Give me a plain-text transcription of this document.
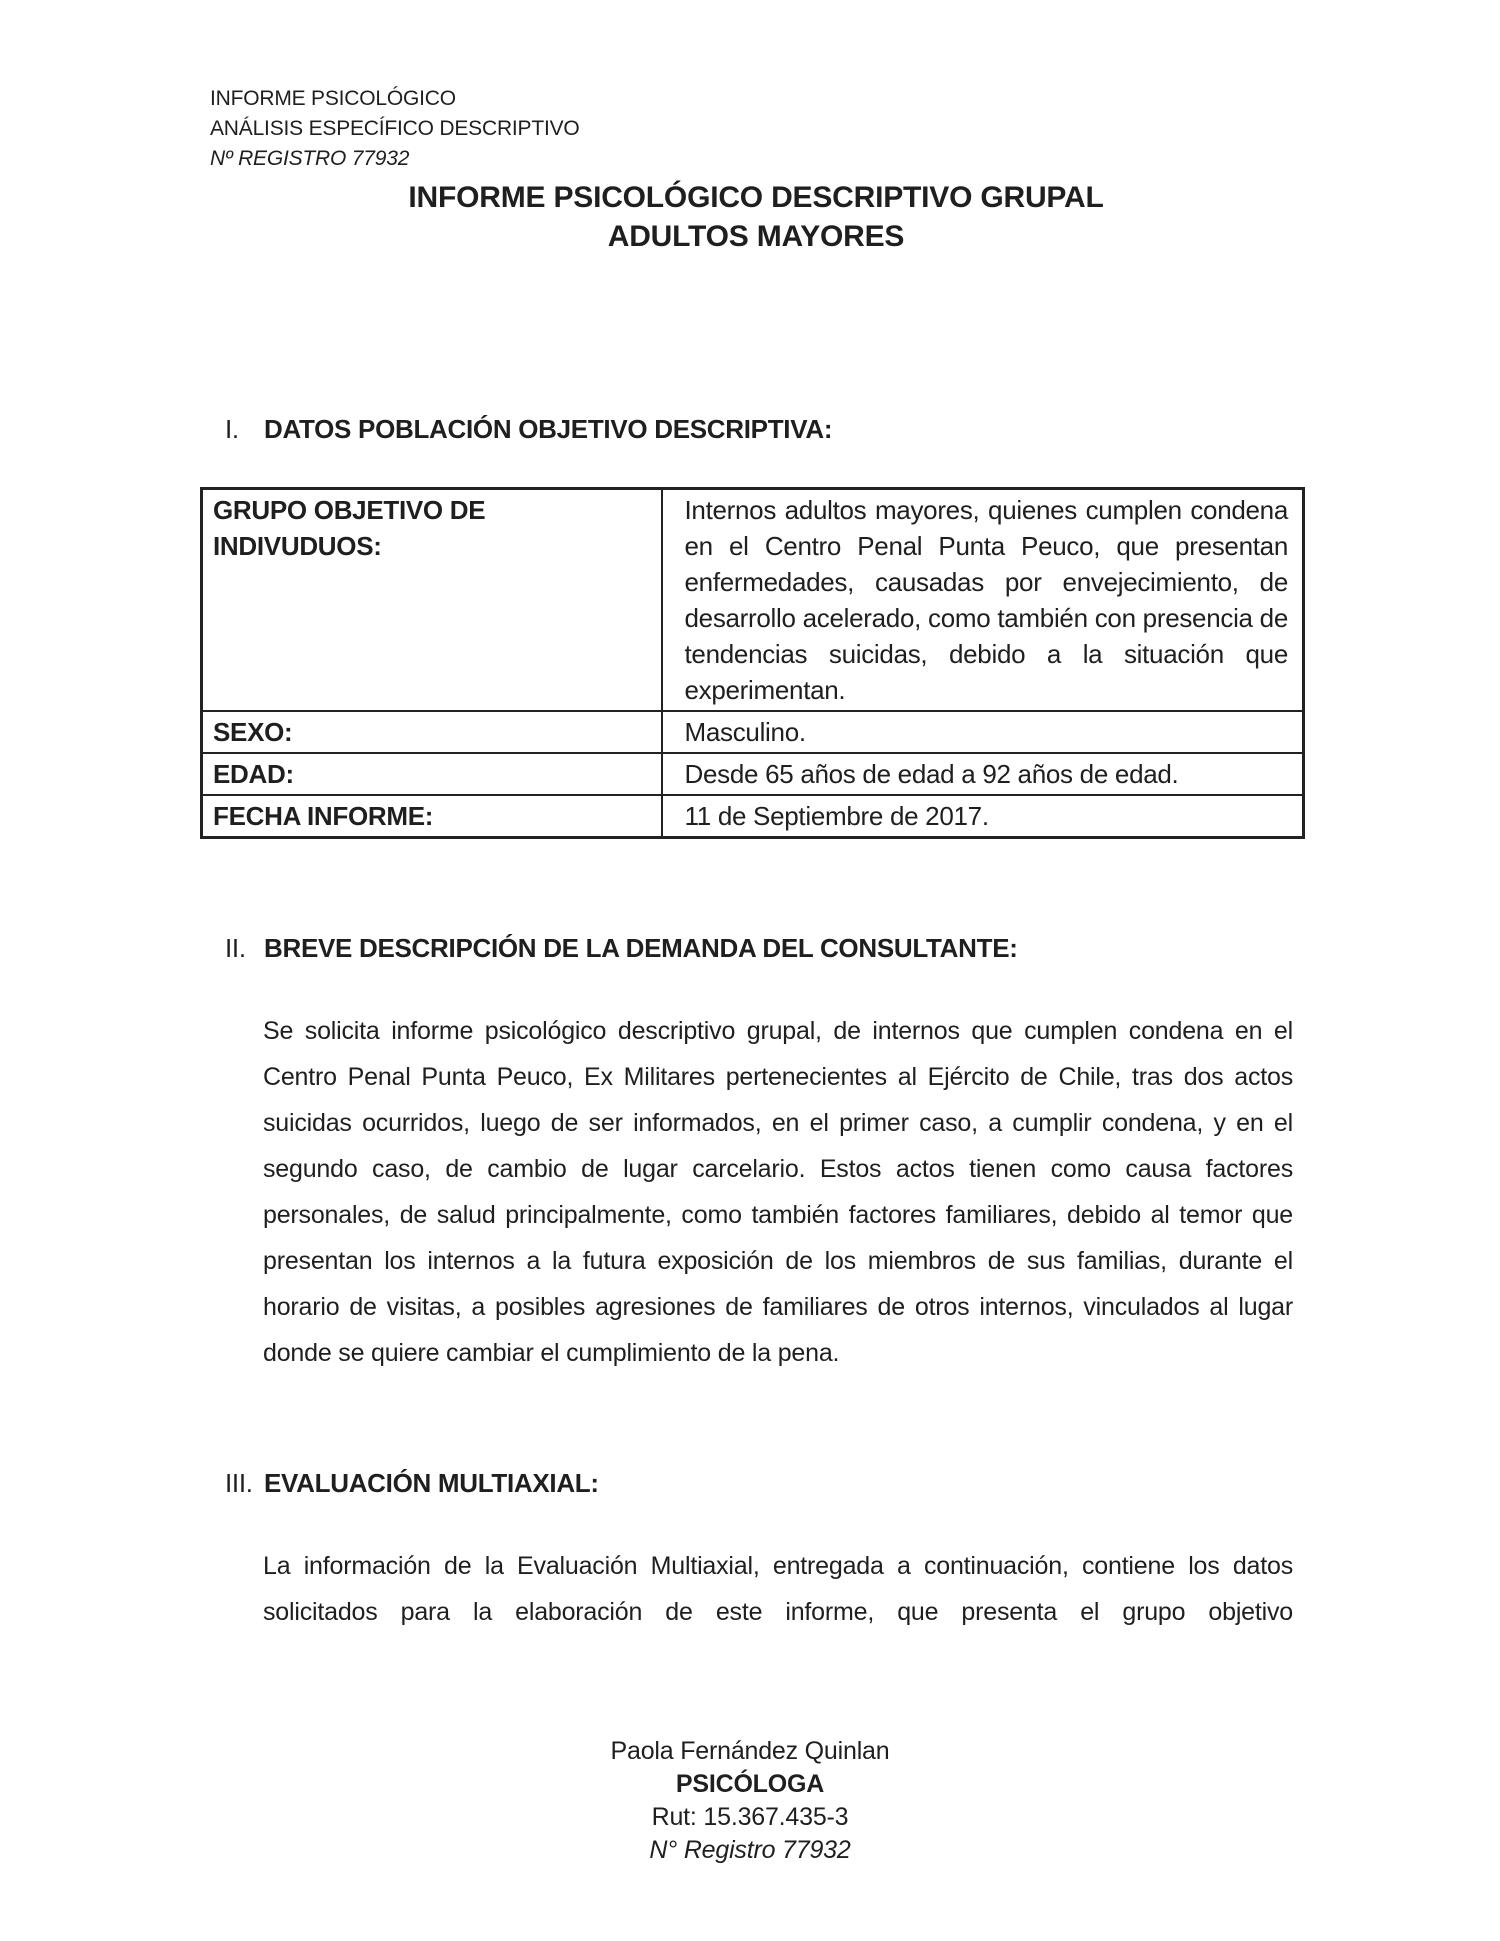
INFORME PSICOLÓGICO
ANÁLISIS ESPECÍFICO DESCRIPTIVO
Nº REGISTRO 77932
INFORME PSICOLÓGICO DESCRIPTIVO GRUPAL
ADULTOS MAYORES
I. DATOS POBLACIÓN OBJETIVO DESCRIPTIVA:
GRUPO OBJETIVO DE INDIVUDUOS:	Internos adultos mayores, quienes cumplen condena en el Centro Penal Punta Peuco, que presentan enfermedades, causadas por envejecimiento, de desarrollo acelerado, como también con presencia de tendencias suicidas, debido a la situación que experimentan.
SEXO:	Masculino.
EDAD:	Desde 65 años de edad a 92 años de edad.
FECHA INFORME:	11 de Septiembre de 2017.
II. BREVE DESCRIPCIÓN DE LA DEMANDA DEL CONSULTANTE:
Se solicita informe psicológico descriptivo grupal, de internos que cumplen condena en el Centro Penal Punta Peuco, Ex Militares pertenecientes al Ejército de Chile, tras dos actos suicidas ocurridos, luego de ser informados, en el primer caso, a cumplir condena, y en el segundo caso, de cambio de lugar carcelario. Estos actos tienen como causa factores personales, de salud principalmente, como también factores familiares, debido al temor que presentan los internos a la futura exposición de los miembros de sus familias, durante el horario de visitas, a posibles agresiones de familiares de otros internos, vinculados al lugar donde se quiere cambiar el cumplimiento de la pena.
III. EVALUACIÓN MULTIAXIAL:
La información de la Evaluación Multiaxial, entregada a continuación, contiene los datos solicitados para la elaboración de este informe, que presenta el grupo objetivo
Paola Fernández Quinlan
PSICÓLOGA
Rut: 15.367.435-3
N° Registro 77932
